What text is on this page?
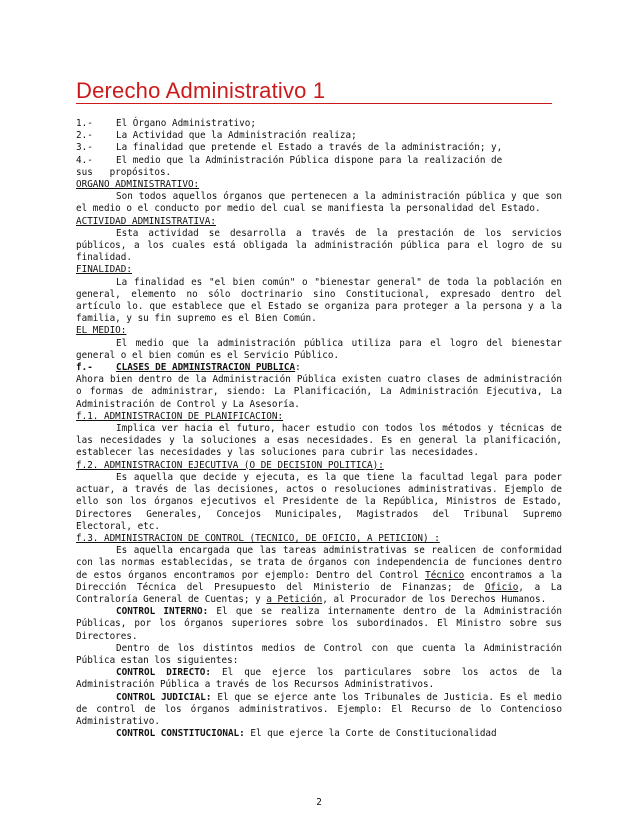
Derecho Administrativo 1
1.-	El Órgano Administrativo;
2.-	La Actividad que la Administración realiza;
3.-	La finalidad que pretende el Estado a través de la administración; y,
4.-	El medio que la Administración Pública dispone para la realización de

sus   propósitos.

ORGANO ADMINISTRATIVO:

Son todos aquellos órganos que pertenecen a la administración pública y que son el medio o el conducto por medio del cual se manifiesta la personalidad del Estado.

ACTIVIDAD ADMINISTRATIVA:

Esta actividad se desarrolla a través de la prestación de los servicios públicos, a los cuales está obligada la administración pública para el logro de su finalidad.

FINALIDAD:

La finalidad es "el bien común" o "bienestar general" de toda la población en general, elemento no sólo doctrinario sino Constitucional, expresado dentro del artículo lo. que establece que el Estado se organiza para proteger a la persona y a la familia, y su fin supremo es el Bien Común.

EL MEDIO:

El medio que la administración pública utiliza para el logro del bienestar general o el bien común es el Servicio Público.

f.- CLASES DE ADMINISTRACION PUBLICA:

Ahora bien dentro de la Administración Pública existen cuatro clases de administración o formas de administrar, siendo: La Planificación, La Administración Ejecutiva, La Administración de Control y La Asesoría.

f.1. ADMINISTRACION DE PLANIFICACION:

Implica ver hacia el futuro, hacer estudio con todos los métodos y técnicas de las necesidades y la soluciones a esas necesidades. Es en general la planificación, establecer las necesidades y las soluciones para cubrir las necesidades.

f.2. ADMINISTRACION EJECUTIVA (O DE DECISION POLITICA):

Es aquella que decide y ejecuta, es la que tiene la facultad legal para poder actuar, a través de las decisiones, actos o resoluciones administrativas. Ejemplo de ello son los órganos ejecutivos el Presidente de la República, Ministros de Estado, Directores Generales, Concejos Municipales, Magistrados del Tribunal Supremo Electoral, etc.

f.3. ADMINISTRACION DE CONTROL (TECNICO, DE OFICIO, A PETICION) :

Es aquella encargada que las tareas administrativas se realicen de conformidad con las normas establecidas, se trata de órganos con independencia de funciones dentro de estos órganos encontramos por ejemplo: Dentro del Control Técnico encontramos a la Dirección Técnica del Presupuesto del Ministerio de Finanzas; de Oficio, a La Contraloría General de Cuentas; y a Petición, al Procurador de los Derechos Humanos.

CONTROL INTERNO: El que se realiza internamente dentro de la Administración Públicas, por los órganos superiores sobre los subordinados. El Ministro sobre sus Directores.

Dentro de los distintos medios de Control con que cuenta la Administración Pública estan los siguientes:

CONTROL DIRECTO: El que ejerce los particulares sobre los actos de la Administración Pública a través de los Recursos Administrativos.

CONTROL JUDICIAL: El que se ejerce ante los Tribunales de Justicia. Es el medio de control de los órganos administrativos. Ejemplo: El Recurso de lo Contencioso Administrativo.

CONTROL CONSTITUCIONAL: El que ejerce la Corte de Constitucionalidad

2
